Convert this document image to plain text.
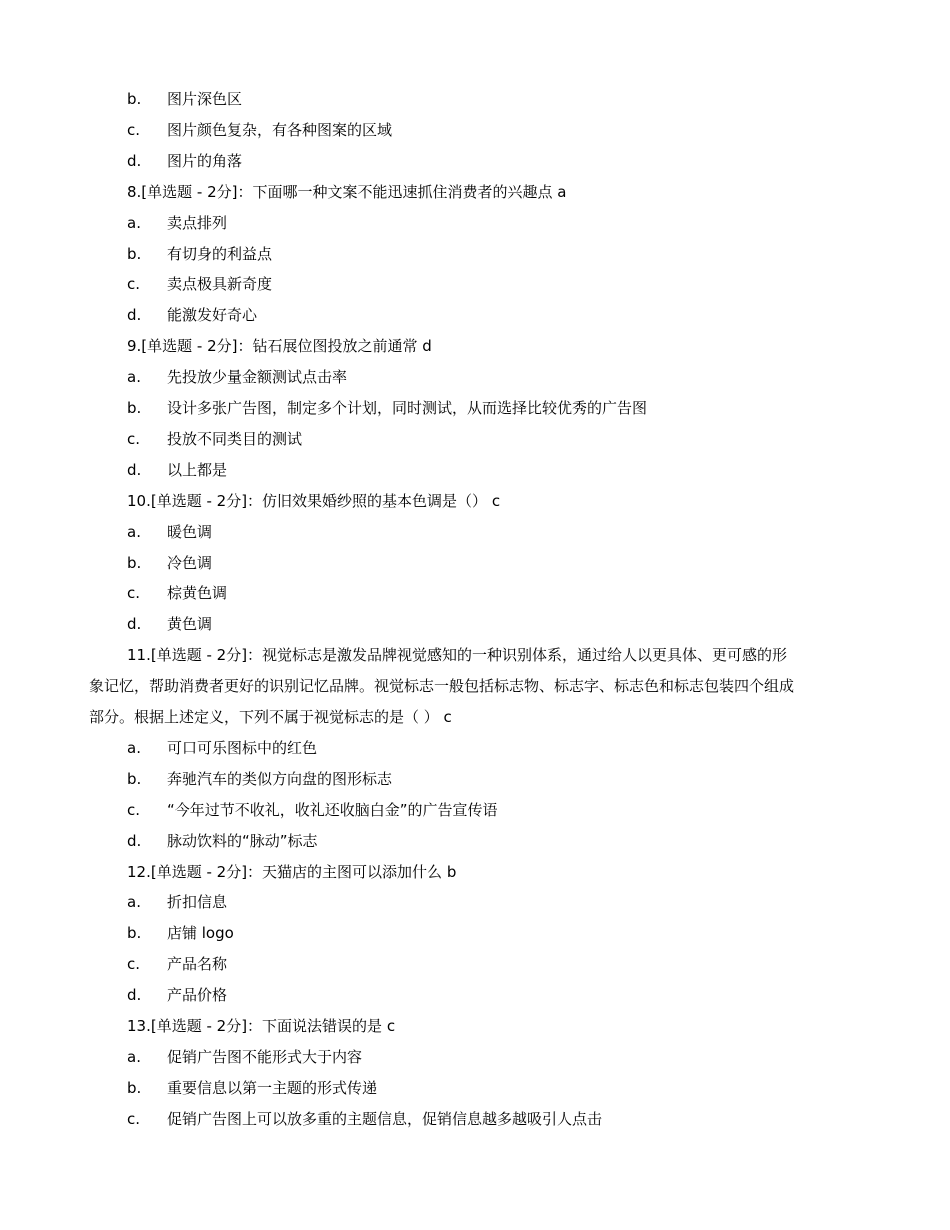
b. 图片深色区
c. 图片颜色复杂，有各种图案的区域
d. 图片的角落
8.[单选题 - 2分]：下面哪一种文案不能迅速抓住消费者的兴趣点 a
a. 卖点排列
b. 有切身的利益点
c. 卖点极具新奇度
d. 能激发好奇心
9.[单选题 - 2分]：钻石展位图投放之前通常 d
a. 先投放少量金额测试点击率
b. 设计多张广告图，制定多个计划，同时测试，从而选择比较优秀的广告图
c. 投放不同类目的测试
d. 以上都是
10.[单选题 - 2分]：仿旧效果婚纱照的基本色调是（） c
a. 暖色调
b. 冷色调
c. 棕黄色调
d. 黄色调
11.[单选题 - 2分]：视觉标志是激发品牌视觉感知的一种识别体系，通过给人以更具体、更可感的形
象记忆，帮助消费者更好的识别记忆品牌。视觉标志一般包括标志物、标志字、标志色和标志包装四个组成
部分。根据上述定义，下列不属于视觉标志的是（ ） c
a. 可口可乐图标中的红色
b. 奔驰汽车的类似方向盘的图形标志
c. “今年过节不收礼，收礼还收脑白金”的广告宣传语
d. 脉动饮料的“脉动”标志
12.[单选题 - 2分]：天猫店的主图可以添加什么 b
a. 折扣信息
b. 店铺 logo
c. 产品名称
d. 产品价格
13.[单选题 - 2分]：下面说法错误的是 c
a. 促销广告图不能形式大于内容
b. 重要信息以第一主题的形式传递
c. 促销广告图上可以放多重的主题信息，促销信息越多越吸引人点击
